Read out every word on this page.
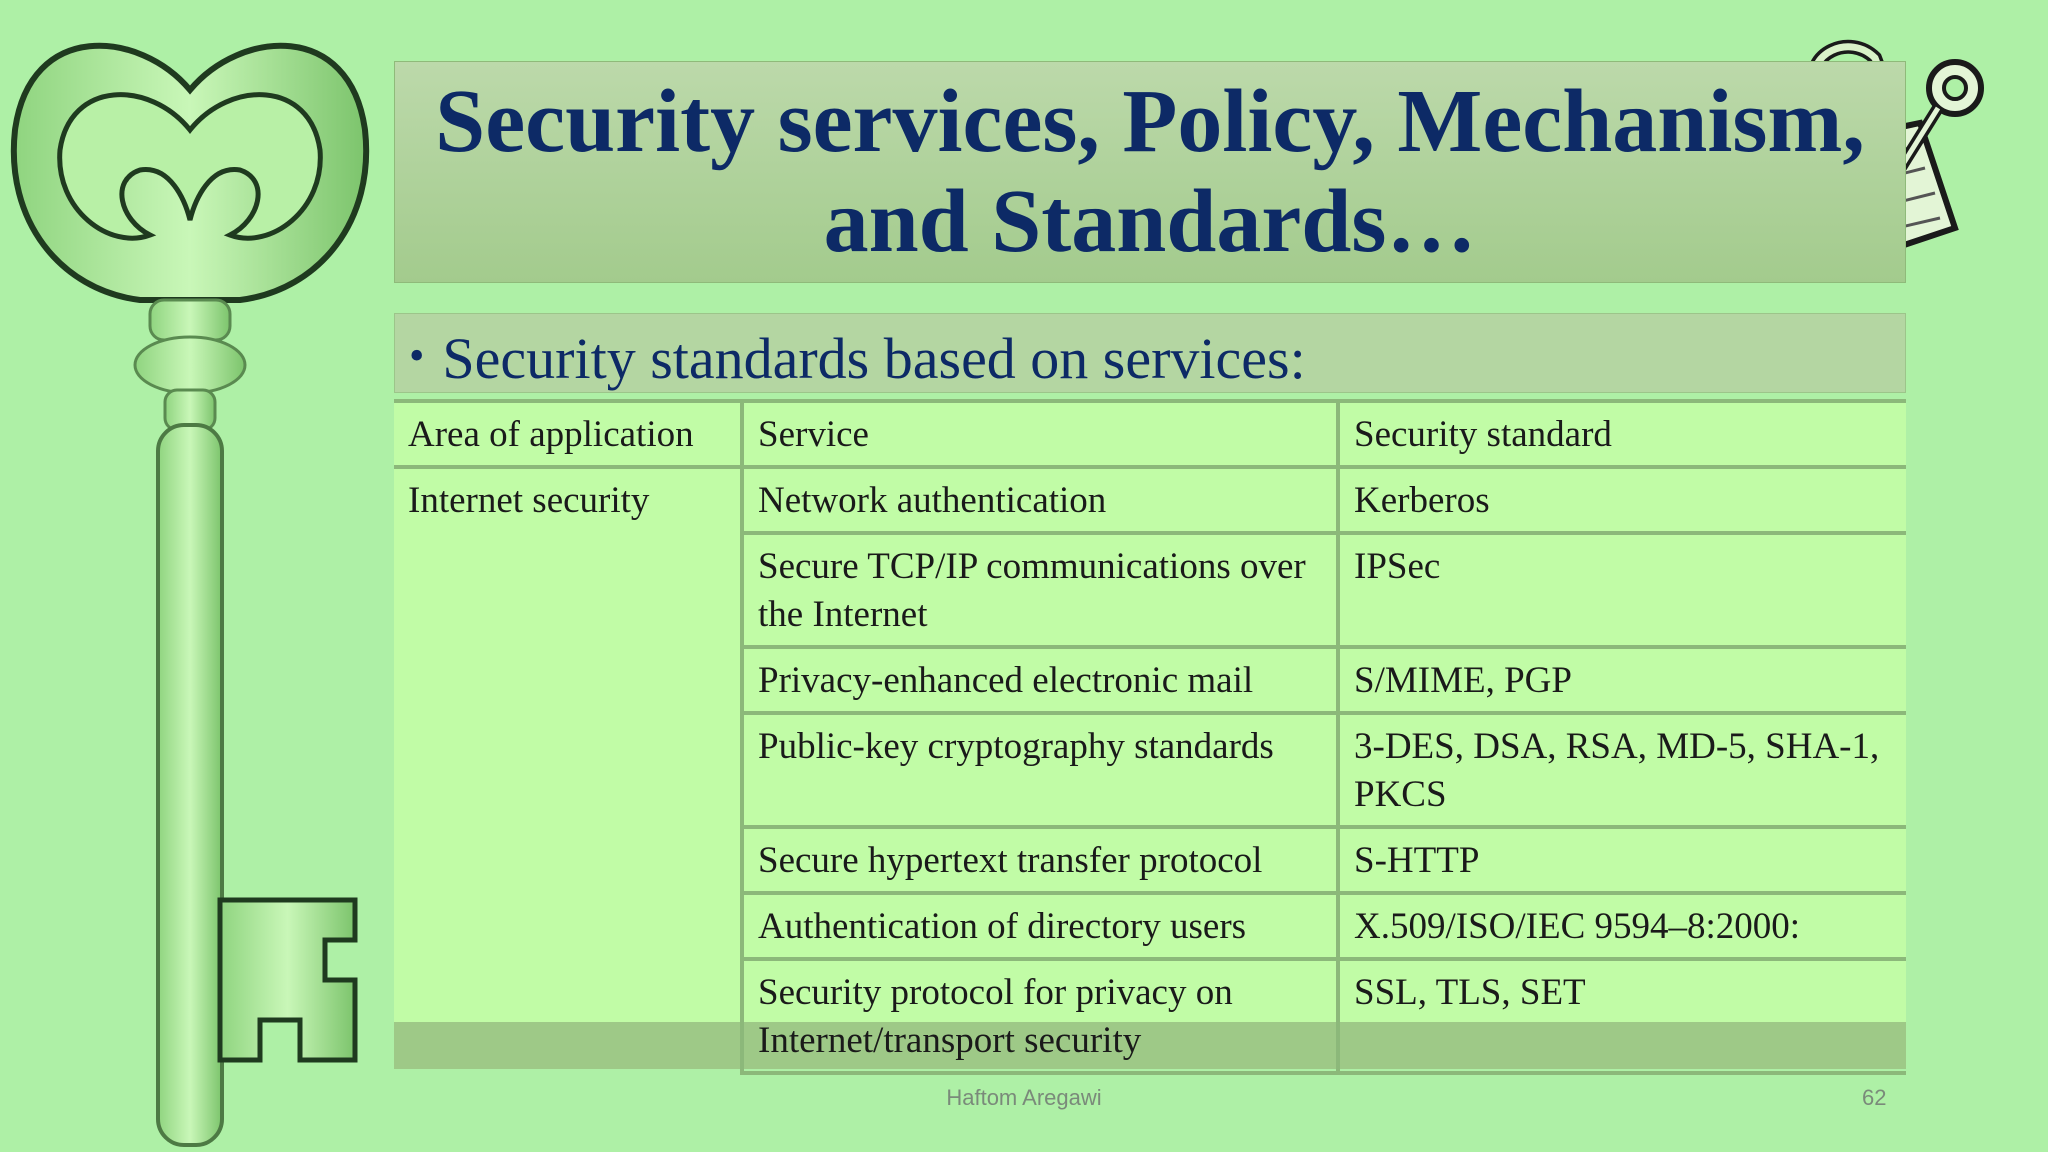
Security services, Policy, Mechanism, and Standards…
• Security standards based on services:
Area of application	Service	Security standard
Internet security	Network authentication	Kerberos
	Secure TCP/IP communications over the Internet	IPSec
	Privacy-enhanced electronic mail	S/MIME, PGP
	Public-key cryptography standards	3-DES, DSA, RSA, MD-5, SHA-1, PKCS
	Secure hypertext transfer protocol	S-HTTP
	Authentication of directory users	X.509/ISO/IEC 9594–8:2000:
	Security protocol for privacy on Internet/transport security	SSL, TLS, SET
Haftom Aregawi	62
